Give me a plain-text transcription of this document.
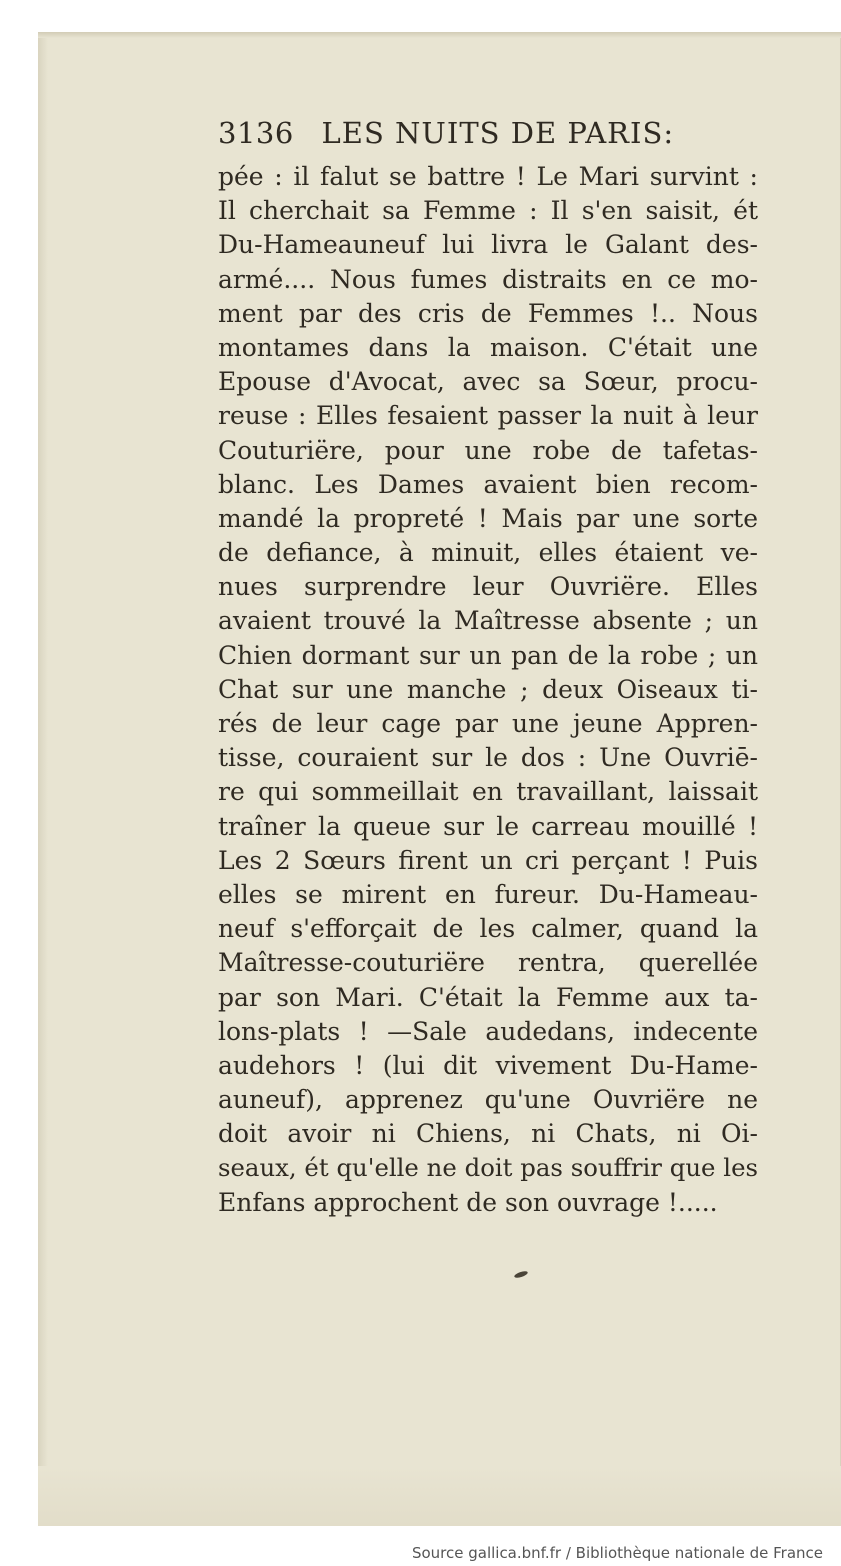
3136 LES NUITS DE PARIS:
pée : il falut se battre ! Le Mari survint :
Il cherchait sa Femme : Il s'en saisit, ét
Du-Hameauneuf lui livra le Galant des-
armé.... Nous fumes distraits en ce mo-
ment par des cris de Femmes !.. Nous
montames dans la maison. C'était une
Epouse d'Avocat, avec sa Sœur, procu-
reuse : Elles fesaient passer la nuit à leur
Couturiëre, pour une robe de tafetas-
blanc. Les Dames avaient bien recom-
mandé la propreté ! Mais par une sorte
de defiance, à minuit, elles étaient ve-
nues surprendre leur Ouvriëre. Elles
avaient trouvé la Maîtresse absente ; un
Chien dormant sur un pan de la robe ; un
Chat sur une manche ; deux Oiseaux ti-
rés de leur cage par une jeune Appren-
tisse, couraient sur le dos : Une Ouvriē-
re qui sommeillait en travaillant, laissait
traîner la queue sur le carreau mouillé !
Les 2 Sœurs firent un cri perçant ! Puis
elles se mirent en fureur. Du-Hameau-
neuf s'efforçait de les calmer, quand la
Maîtresse-couturiëre rentra, querellée
par son Mari. C'était la Femme aux ta-
lons-plats ! —Sale audedans, indecente
audehors ! (lui dit vivement Du-Hame-
auneuf), apprenez qu'une Ouvriëre ne
doit avoir ni Chiens, ni Chats, ni Oi-
seaux, ét qu'elle ne doit pas souffrir que les
Enfans approchent de son ouvrage !.....
Source gallica.bnf.fr / Bibliothèque nationale de France
